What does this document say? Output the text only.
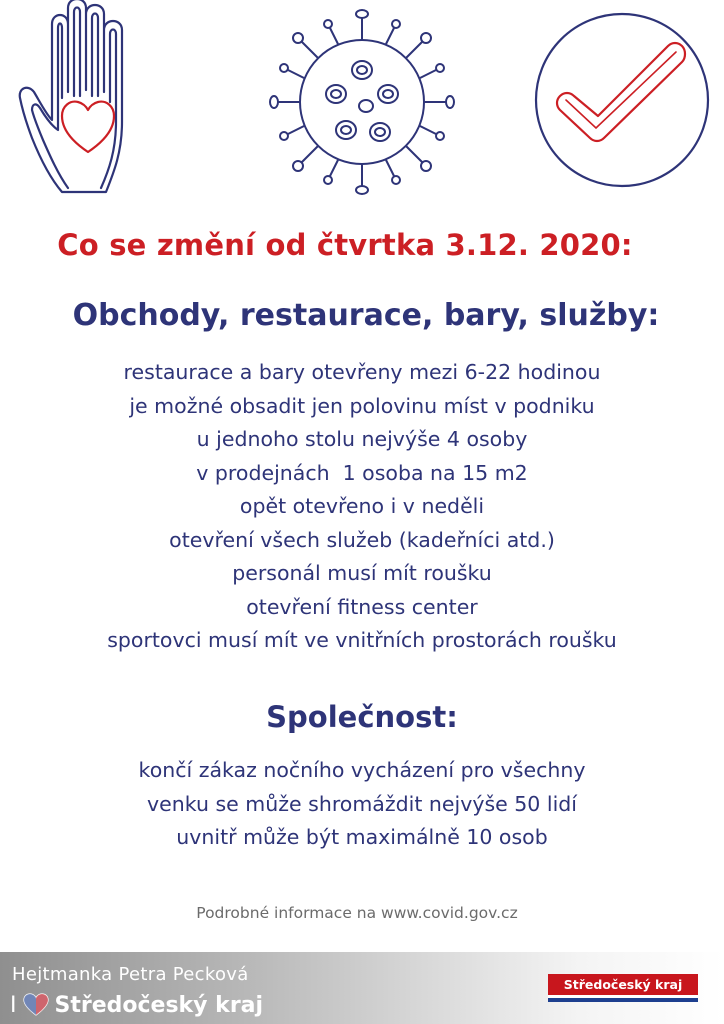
Co se změní od čtvrtka 3.12. 2020:
Obchody, restaurace, bary, služby:
restaurace a bary otevřeny mezi 6-22 hodinou
je možné obsadit jen polovinu míst v podniku
u jednoho stolu nejvýše 4 osoby
v prodejnách  1 osoba na 15 m2
opět otevřeno i v neděli
otevření všech služeb (kadeřníci atd.)
personál musí mít roušku
otevření fitness center
sportovci musí mít ve vnitřních prostorách roušku
Společnost:
končí zákaz nočního vycházení pro všechny
venku se může shromáždit nejvýše 50 lidí
uvnitř může být maximálně 10 osob

Podrobné informace na www.covid.gov.cz

Hejtmanka Petra Pecková

I Středočeský kraj
Středočeský kraj
